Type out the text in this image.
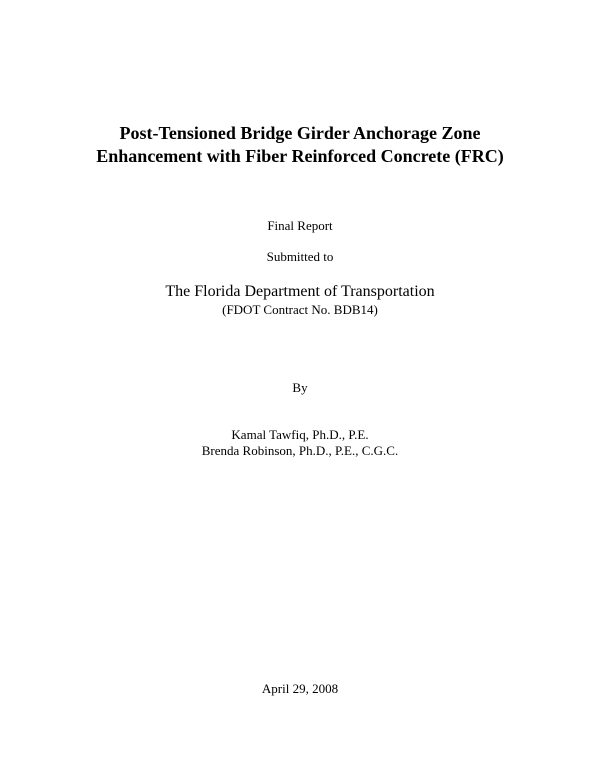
Post-Tensioned Bridge Girder Anchorage Zone
Enhancement with Fiber Reinforced Concrete (FRC)
Final Report
Submitted to
The Florida Department of Transportation
(FDOT Contract No. BDB14)
By
Kamal Tawfiq, Ph.D., P.E.
Brenda Robinson, Ph.D., P.E., C.G.C.
April 29, 2008
